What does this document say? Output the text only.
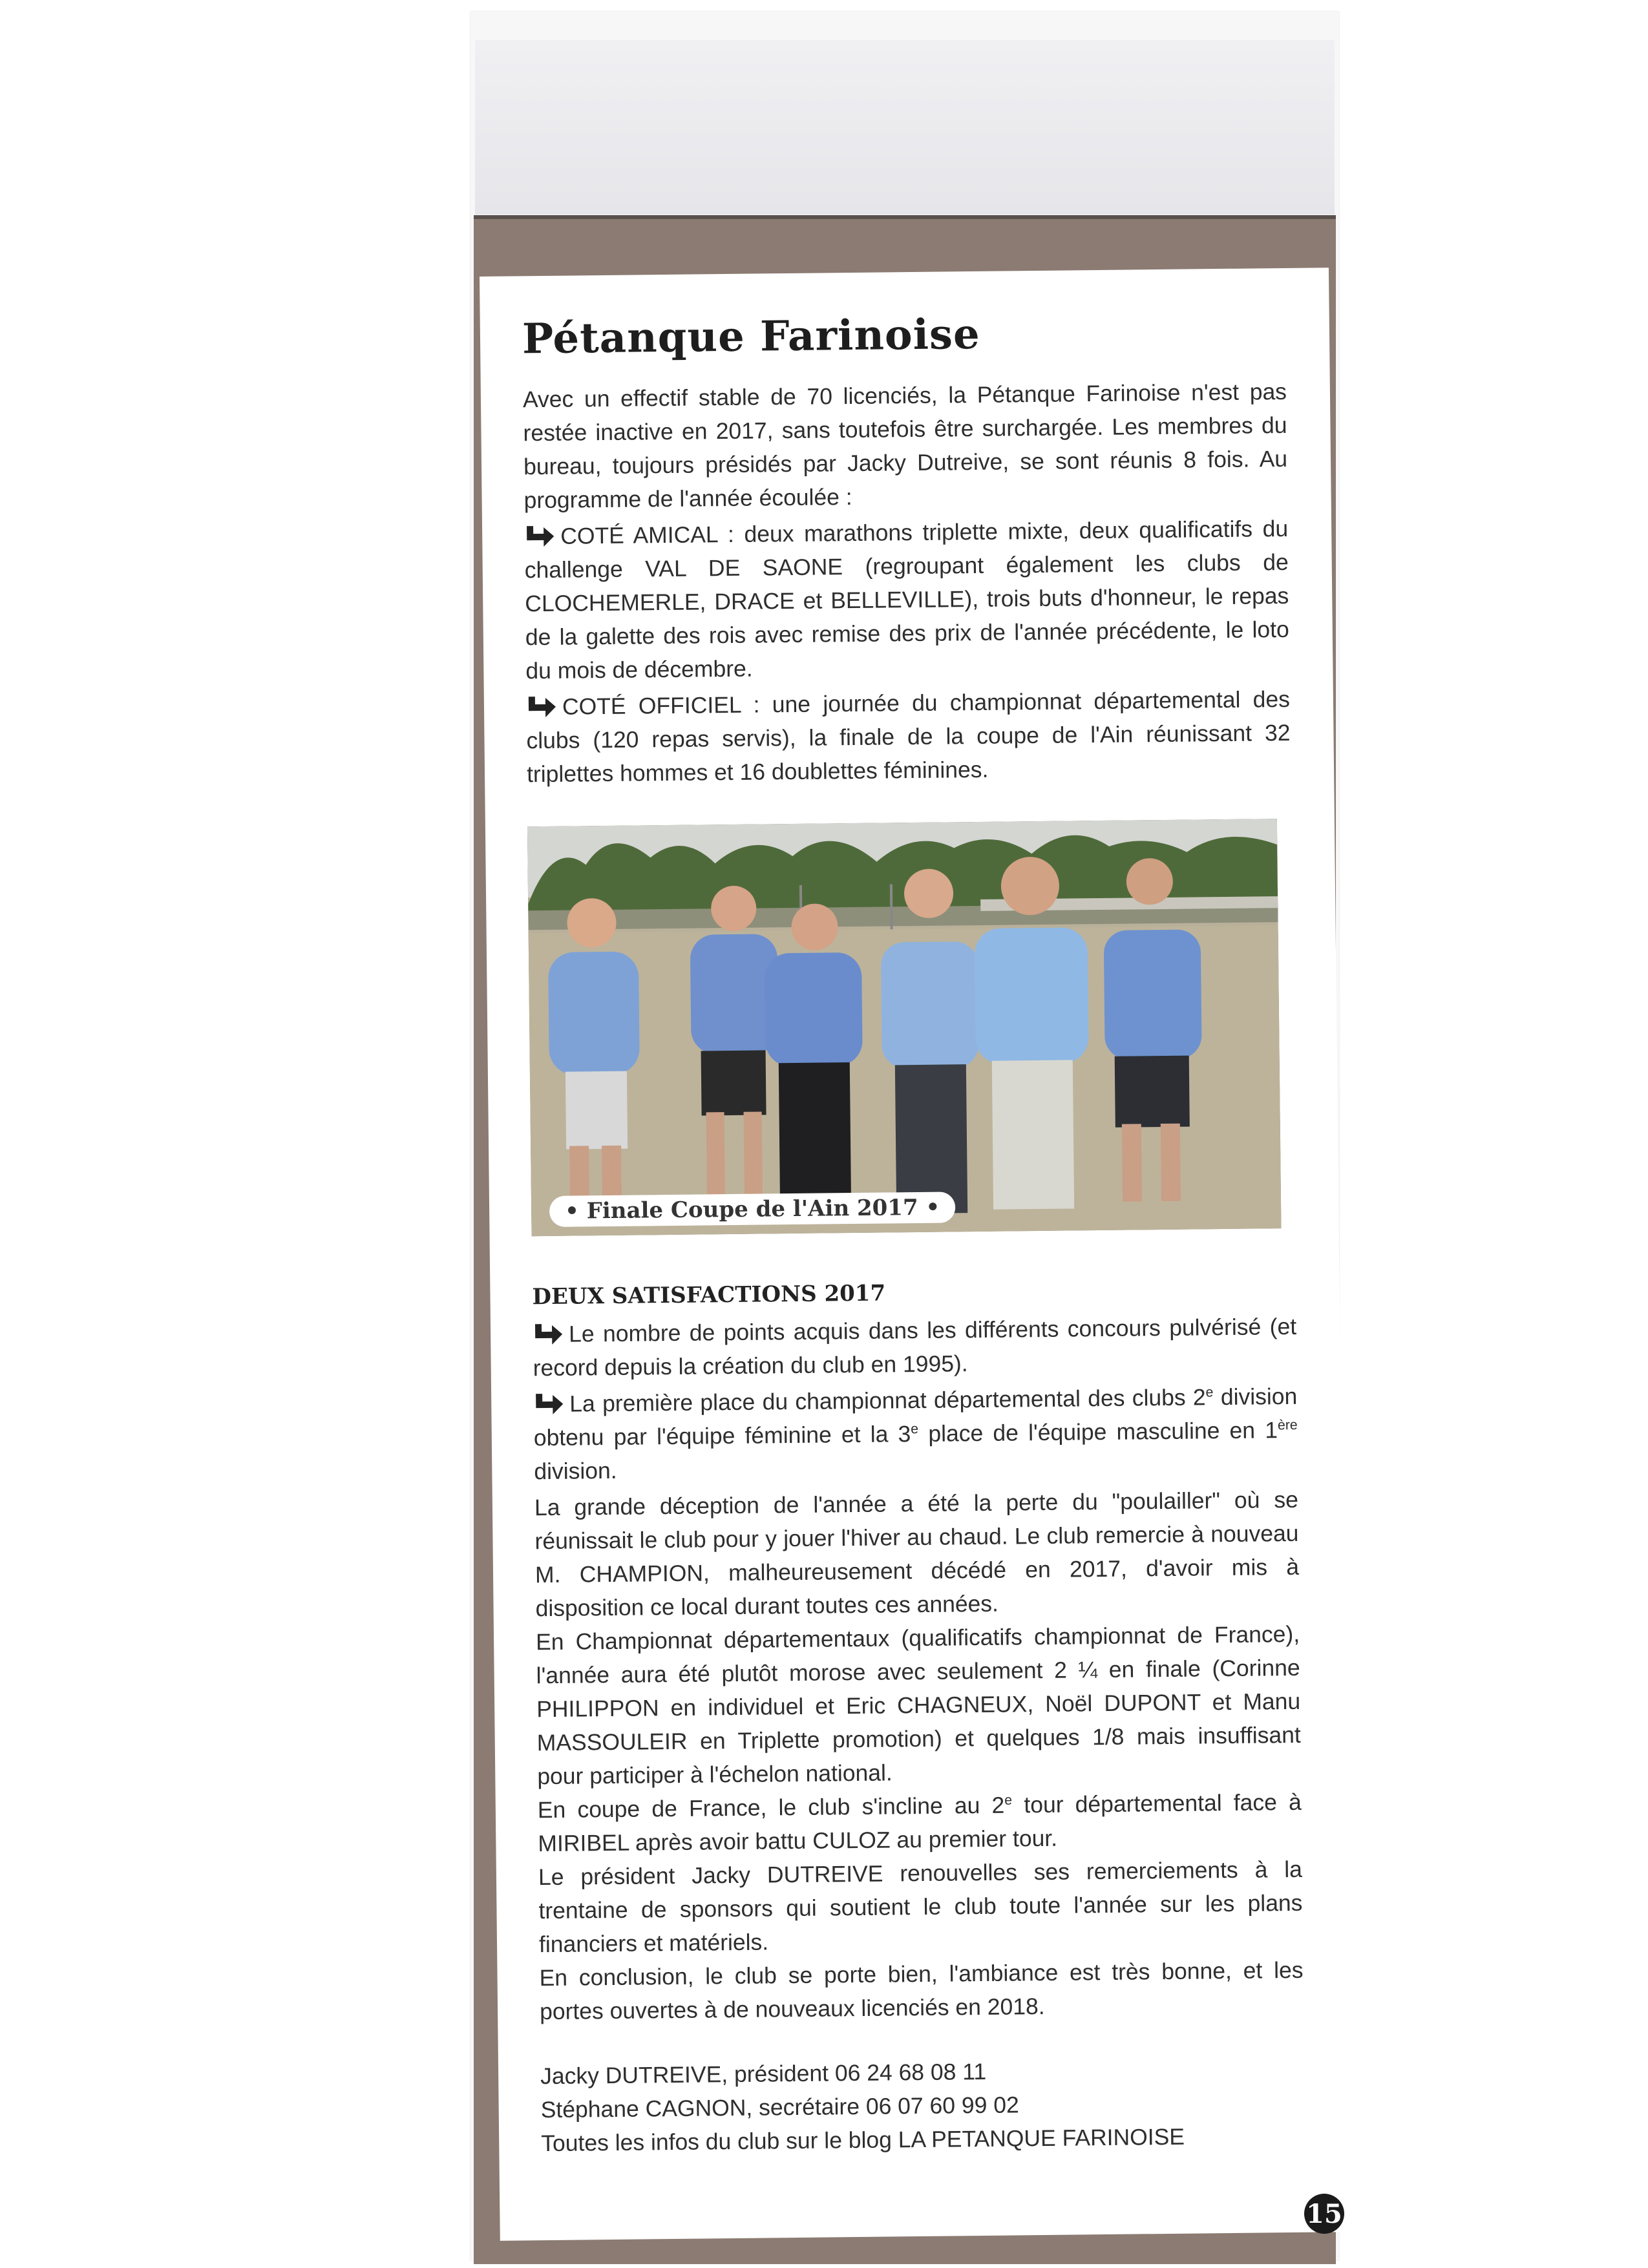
Pétanque Farinoise

Avec un effectif stable de 70 licenciés, la Pétanque Farinoise n'est pas restée inactive en 2017, sans toutefois être surchargée. Les membres du bureau, toujours présidés par Jacky Dutreive, se sont réunis 8 fois. Au programme de l'année écoulée :

COTÉ AMICAL : deux marathons triplette mixte, deux qualificatifs du challenge VAL DE SAONE (regroupant également les clubs de CLOCHEMERLE, DRACE et BELLEVILLE), trois buts d'honneur, le repas de la galette des rois avec remise des prix de l'année précédente, le loto du mois de décembre.

COTÉ OFFICIEL : une journée du championnat départemental des clubs (120 repas servis), la finale de la coupe de l'Ain réunissant 32 triplettes hommes et 16 doublettes féminines.

• Finale Coupe de l'Ain 2017 •
DEUX SATISFACTIONS 2017

Le nombre de points acquis dans les différents concours pulvérisé (et record depuis la création du club en 1995).

La première place du championnat départemental des clubs 2e division obtenu par l'équipe féminine et la 3e place de l'équipe masculine en 1ère division.

La grande déception de l'année a été la perte du "poulailler" où se réunissait le club pour y jouer l'hiver au chaud. Le club remercie à nouveau M. CHAMPION, malheureusement décédé en 2017, d'avoir mis à disposition ce local durant toutes ces années.

En Championnat départementaux (qualificatifs championnat de France), l'année aura été plutôt morose avec seulement 2 ¼ en finale (Corinne PHILIPPON en individuel et Eric CHAGNEUX, Noël DUPONT et Manu MASSOULEIR en Triplette promotion) et quelques 1/8 mais insuffisant pour participer à l'échelon national.

En coupe de France, le club s'incline au 2e tour départemental face à MIRIBEL après avoir battu CULOZ au premier tour.

Le président Jacky DUTREIVE renouvelles ses remerciements à la trentaine de sponsors qui soutient le club toute l'année sur les plans financiers et matériels.

En conclusion, le club se porte bien, l'ambiance est très bonne, et les portes ouvertes à de nouveaux licenciés en 2018.

Jacky DUTREIVE, président 06 24 68 08 11

Stéphane CAGNON, secrétaire 06 07 60 99 02

Toutes les infos du club sur le blog LA PETANQUE FARINOISE

15
